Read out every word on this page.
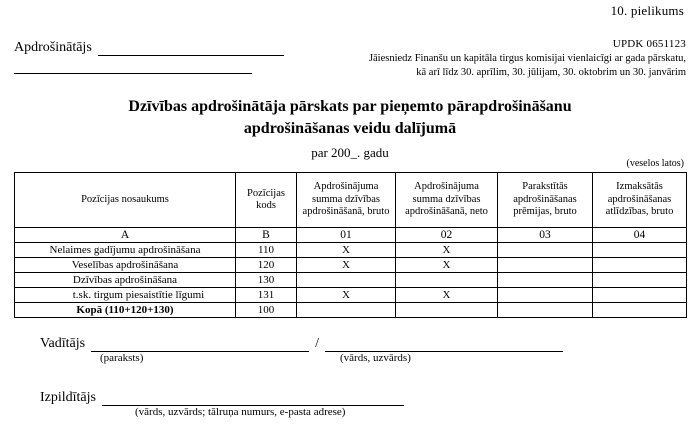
10. pielikums
Apdrošinātājs	UPDK 0651123
Jāiesniedz Finanšu un kapitāla tirgus komisijai vienlaicīgi ar gada pārskatu,
kā arī līdz 30. aprīlim, 30. jūlijam, 30. oktobrim un 30. janvārim
Dzīvības apdrošinātāja pārskats par pieņemto pārapdrošināšanu
apdrošināšanas veidu dalījumā
par 200_. gadu
(veselos latos)
Pozīcijas nosaukums	Pozīcijas kods	Apdrošinājuma summa dzīvības apdrošināšanā, bruto	Apdrošinājuma summa dzīvības apdrošināšanā, neto	Parakstītās apdrošināšanas prēmijas, bruto	Izmaksātās apdrošināšanas atlīdzības, bruto
A	B	01	02	03	04
Nelaimes gadījumu apdrošināšana	110	X	X		
Veselības apdrošināšana	120	X	X		
Dzīvības apdrošināšana	130				
t.sk. tirgum piesaistītie līgumi	131	X	X		
Kopā (110+120+130)	100				
Vadītājs	/
(paraksts)	(vārds, uzvārds)
Izpildītājs
(vārds, uzvārds; tālruņa numurs, e-pasta adrese)
